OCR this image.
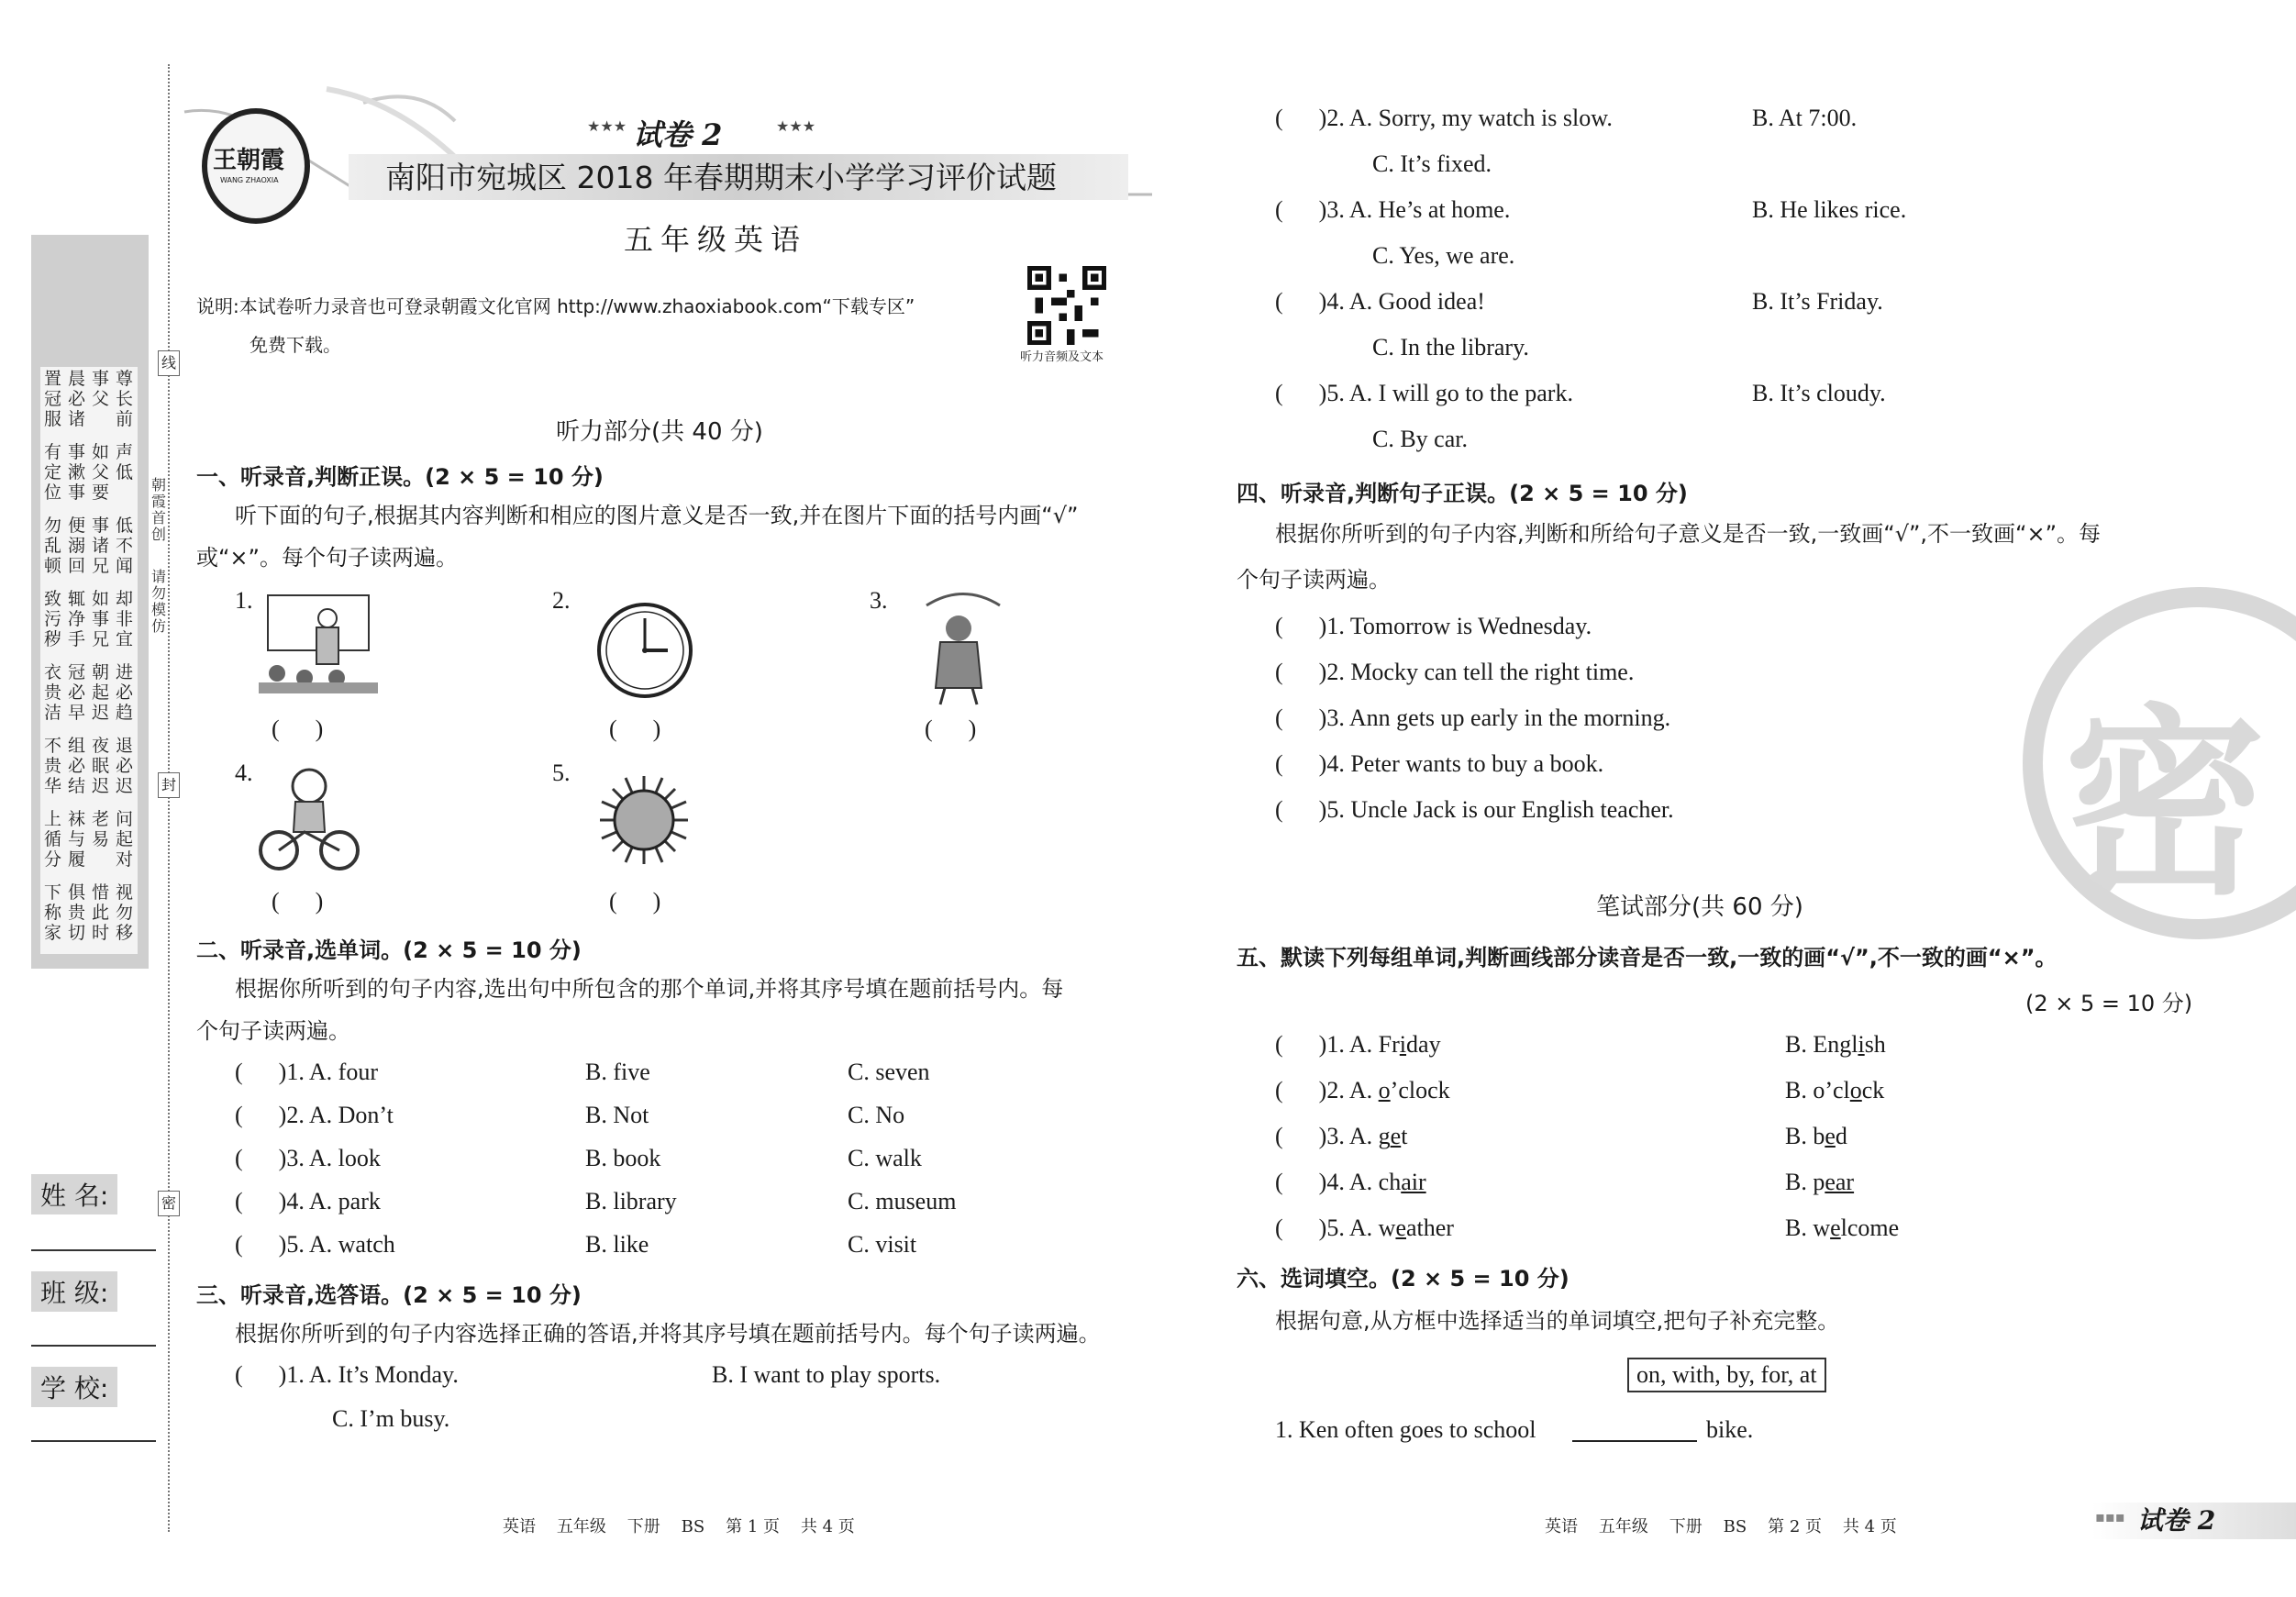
置冠服
晨必诸
事父
尊长前
有定位
事漱事
如父要
声低
勿乱顿
便溺回
事诸兄
低不闻
致污秽
辄净手
如事兄
却非宜
衣贵洁
冠必早
朝起迟
进必趋
不贵华
组必结
夜眠迟
退必迟
上循分
袜与履
老易
问起对
下称家
俱贵切
惜此时
视勿移
姓 名:
班 级:
学 校:
线
封
密
朝霞首创
请勿模仿
王朝霞
WANG ZHAOXIA
★★★ 试卷 2	★★★
南阳市宛城区 2018 年春期期末小学学习评价试题
五年级英语
说明:本试卷听力录音也可登录朝霞文化官网 http://www.zhaoxiabook.com“下载专区”
免费下载。
听力音频及文本
听力部分(共 40 分)
一、听录音,判断正误。(2 × 5 = 10 分)
听下面的句子,根据其内容判断和相应的图片意义是否一致,并在图片下面的括号内画“√”
或“×”。每个句子读两遍。
1.
(      )
2.
(      )
3.
(      )
4.
(      )
5.
(      )
二、听录音,选单词。(2 × 5 = 10 分)
根据你所听到的句子内容,选出句中所包含的那个单词,并将其序号填在题前括号内。每
个句子读两遍。
(      )1. A. four	B. five	C. seven
(      )2. A. Don’t	B. Not	C. No
(      )3. A. look	B. book	C. walk
(      )4. A. park	B. library	C. museum
(      )5. A. watch	B. like	C. visit
三、听录音,选答语。(2 × 5 = 10 分)
根据你所听到的句子内容选择正确的答语,并将其序号填在题前括号内。每个句子读两遍。
(      )1. A. It’s Monday.	B. I want to play sports.
C. I’m busy.
英语    五年级    下册    BS    第 1 页    共 4 页
(      )2. A. Sorry, my watch is slow.	B. At 7:00.
C. It’s fixed.
(      )3. A. He’s at home.	B. He likes rice.
C. Yes, we are.
(      )4. A. Good idea!	B. It’s Friday.
C. In the library.
(      )5. A. I will go to the park.	B. It’s cloudy.
C. By car.
四、听录音,判断句子正误。(2 × 5 = 10 分)
根据你所听到的句子内容,判断和所给句子意义是否一致,一致画“√”,不一致画“×”。每
个句子读两遍。
(      )1. Tomorrow is Wednesday.
(      )2. Mocky can tell the right time.
(      )3. Ann gets up early in the morning.
(      )4. Peter wants to buy a book.
(      )5. Uncle Jack is our English teacher. 密
笔试部分(共 60 分)
五、默读下列每组单词,判断画线部分读音是否一致,一致的画“√”,不一致的画“×”。
(2 × 5 = 10 分)
(      )1. A. Friday	B. English
(      )2. A. o’clock	B. o’clock
(      )3. A. get	B. bed
(      )4. A. chair	B. pear
(      )5. A. weather	B. welcome
六、选词填空。(2 × 5 = 10 分)
根据句意,从方框中选择适当的单词填空,把句子补充完整。
on, with, by, for, at
1. Ken often goes to school	bike.
英语    五年级    下册    BS    第 2 页    共 4 页
▪▪▪ 试卷 2
